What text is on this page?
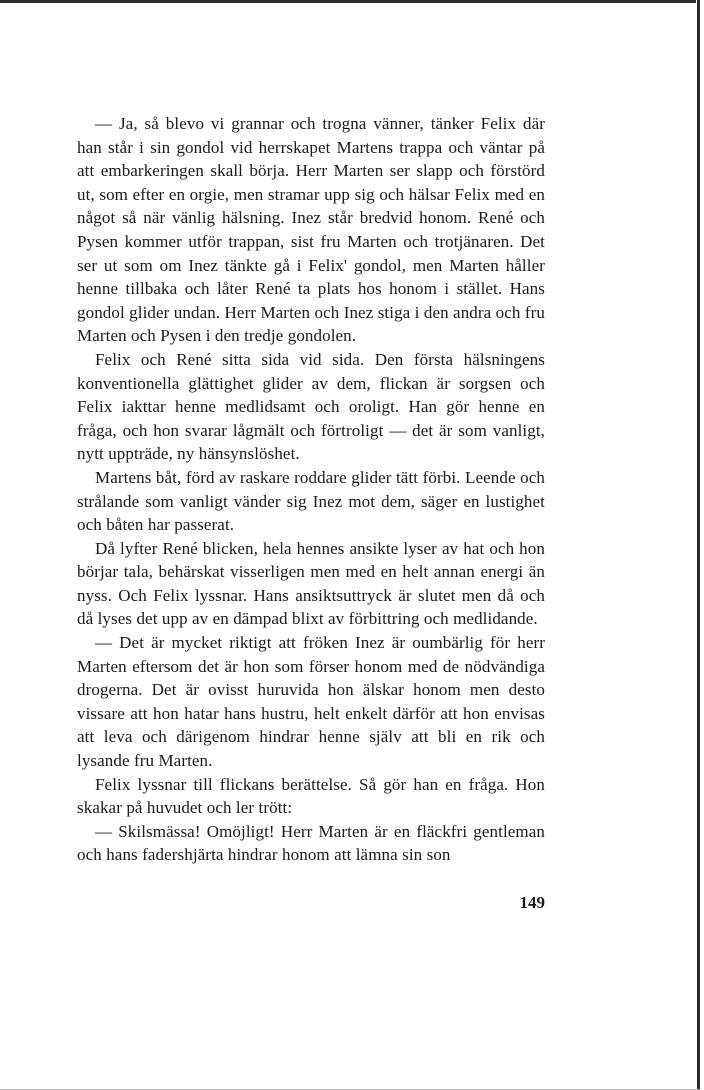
— Ja, så blevo vi grannar och trogna vänner, tänker Felix där han står i sin gondol vid herrskapet Martens trappa och väntar på att embarkeringen skall börja. Herr Marten ser slapp och förstörd ut, som efter en orgie, men stramar upp sig och hälsar Felix med en något så när vänlig hälsning. Inez står bredvid honom. René och Pysen kommer utför trappan, sist fru Marten och trotjänaren. Det ser ut som om Inez tänkte gå i Felix' gondol, men Marten håller henne tillbaka och låter René ta plats hos honom i stället. Hans gondol glider undan. Herr Marten och Inez stiga i den andra och fru Marten och Pysen i den tredje gondolen.

Felix och René sitta sida vid sida. Den första hälsningens konventionella glättighet glider av dem, flickan är sorgsen och Felix iakttar henne medlidsamt och oroligt. Han gör henne en fråga, och hon svarar lågmält och förtroligt — det är som vanligt, nytt uppträde, ny hänsynslöshet.

Martens båt, förd av raskare roddare glider tätt förbi. Leende och strålande som vanligt vänder sig Inez mot dem, säger en lustighet och båten har passerat.

Då lyfter René blicken, hela hennes ansikte lyser av hat och hon börjar tala, behärskat visserligen men med en helt annan energi än nyss. Och Felix lyssnar. Hans ansiktsuttryck är slutet men då och då lyses det upp av en dämpad blixt av förbittring och medlidande.

— Det är mycket riktigt att fröken Inez är oumbärlig för herr Marten eftersom det är hon som förser honom med de nödvändiga drogerna. Det är ovisst huruvida hon älskar honom men desto vissare att hon hatar hans hustru, helt enkelt därför att hon envisas att leva och därigenom hindrar henne själv att bli en rik och lysande fru Marten.

Felix lyssnar till flickans berättelse. Så gör han en fråga. Hon skakar på huvudet och ler trött:

— Skilsmässa! Omöjligt! Herr Marten är en fläckfri gentleman och hans fadershjärta hindrar honom att lämna sin son

149
